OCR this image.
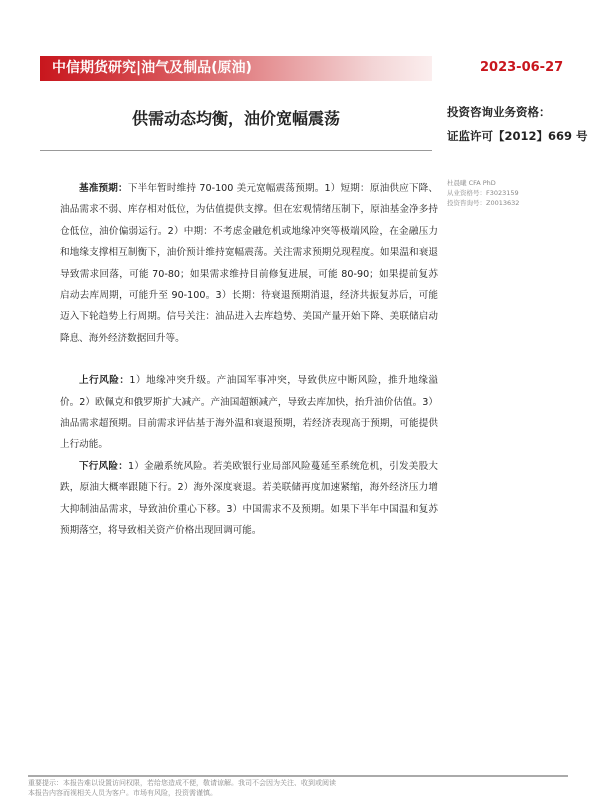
中信期货研究|油气及制品(原油)	2023-06-27
供需动态均衡，油价宽幅震荡	投资咨询业务资格：
证监许可【2012】669 号
杜晨曦 CFA PhD
从业资格号：F3023159
投资咨询号：Z0013632

基准预期：下半年暂时维持 70-100 美元宽幅震荡预期。1）短期：原油供应下降、油品需求不弱、库存相对低位，为估值提供支撑。但在宏观情绪压制下，原油基金净多持仓低位，油价偏弱运行。2）中期：不考虑金融危机或地缘冲突等极端风险，在金融压力和地缘支撑相互制衡下，油价预计维持宽幅震荡。关注需求预期兑现程度。如果温和衰退导致需求回落，可能 70-80；如果需求维持目前修复进展，可能 80-90；如果提前复苏启动去库周期，可能升至 90-100。3）长期：待衰退预期消退，经济共振复苏后，可能迈入下轮趋势上行周期。信号关注：油品进入去库趋势、美国产量开始下降、美联储启动降息、海外经济数据回升等。

上行风险：1）地缘冲突升级。产油国军事冲突，导致供应中断风险，推升地缘溢价。2）欧佩克和俄罗斯扩大减产。产油国超额减产，导致去库加快，抬升油价估值。3）油品需求超预期。目前需求评估基于海外温和衰退预期，若经济表现高于预期，可能提供上行动能。

下行风险：1）金融系统风险。若美欧银行业局部风险蔓延至系统危机，引发美股大跌，原油大概率跟随下行。2）海外深度衰退。若美联储再度加速紧缩，海外经济压力增大抑制油品需求，导致油价重心下移。3）中国需求不及预期。如果下半年中国温和复苏预期落空，将导致相关资产价格出现回调可能。

重要提示：本报告难以设置访问权限，若给您造成不便，敬请谅解。我司不会因为关注、收到或阅读
本报告内容而视相关人员为客户。市场有风险，投资需谨慎。
